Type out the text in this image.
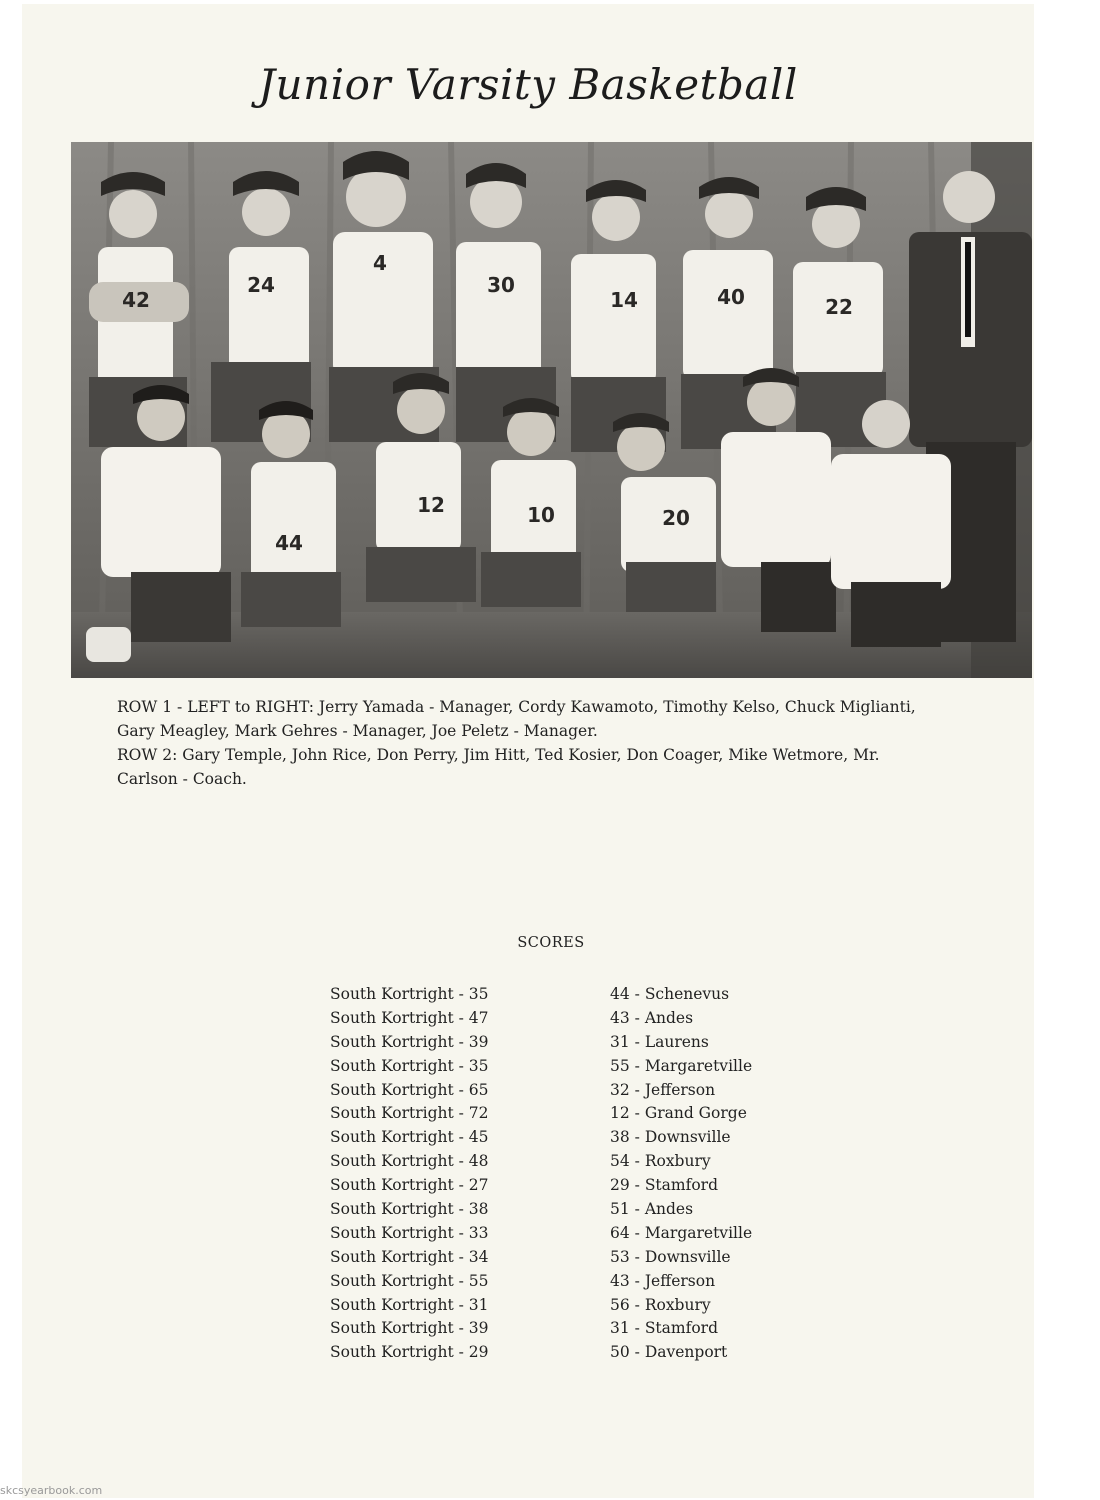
Junior Varsity Basketball
42
24
4
30
14	40	22
44
12	10	20

ROW 1 - LEFT to RIGHT: Jerry Yamada - Manager, Cordy Kawamoto, Timothy Kelso, Chuck Miglianti,

Gary Meagley, Mark Gehres - Manager, Joe Peletz - Manager.

ROW 2: Gary Temple, John Rice, Don Perry, Jim Hitt, Ted Kosier, Don Coager, Mike Wetmore, Mr.

Carlson - Coach.

SCORES
South Kortright - 35	44 - Schenevus
South Kortright - 47	43 - Andes
South Kortright - 39	31 - Laurens
South Kortright - 35	55 - Margaretville
South Kortright - 65	32 - Jefferson
South Kortright - 72	12 - Grand Gorge
South Kortright - 45	38 - Downsville
South Kortright - 48	54 - Roxbury
South Kortright - 27	29 - Stamford
South Kortright - 38	51 - Andes
South Kortright - 33	64 - Margaretville
South Kortright - 34	53 - Downsville
South Kortright - 55	43 - Jefferson
South Kortright - 31	56 - Roxbury
South Kortright - 39	31 - Stamford
South Kortright - 29	50 - Davenport
skcsyearbook.com
